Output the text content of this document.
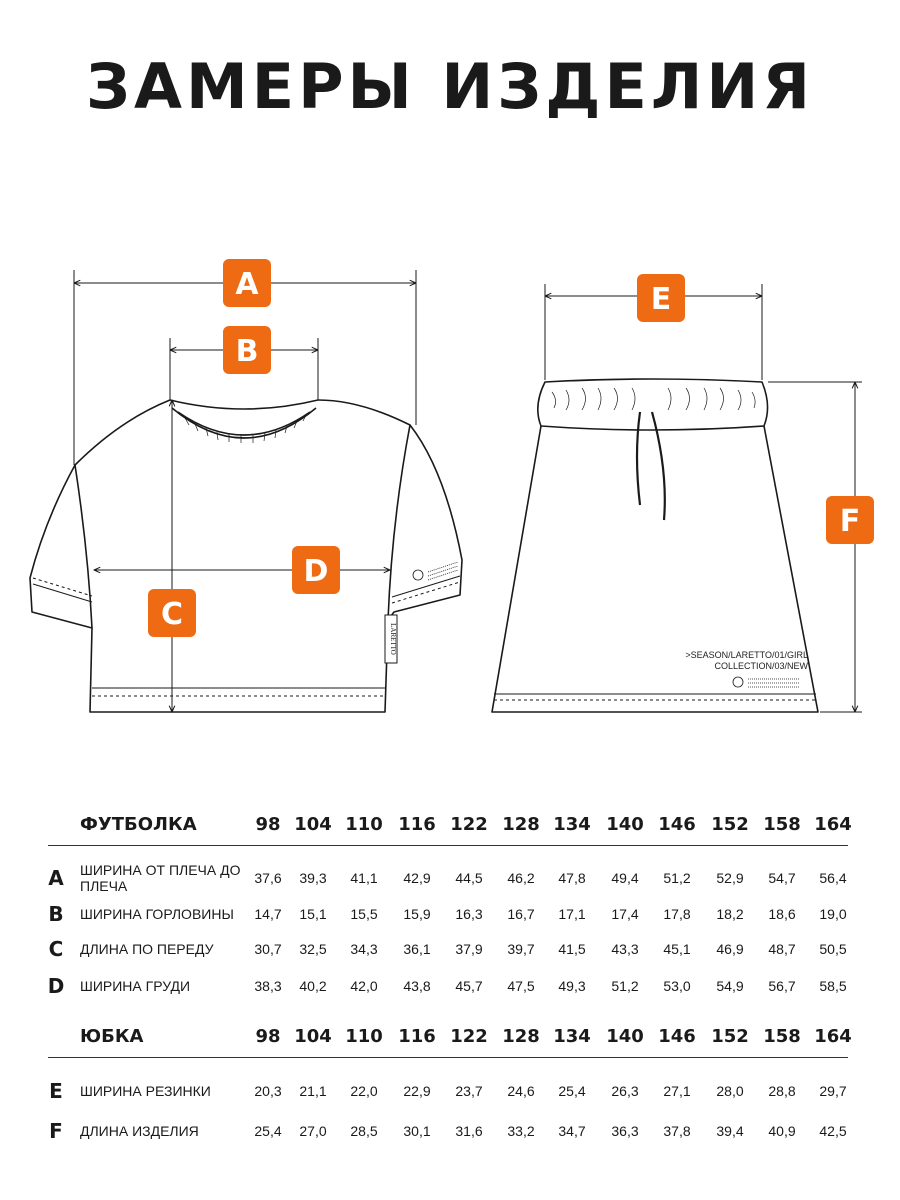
ЗАМЕРЫ ИЗДЕЛИЯ
LARETTO
>SEASON/LARETTO/01/GIRL
COLLECTION/03/NEW
A
B
C
D
E
F
ФУТБОЛКА	98 104 110 116 122 128 134 140 146 152 158 164
A	ШИРИНА ОТ ПЛЕЧА ДО ПЛЕЧА	37,6	39,3	41,1	42,9	44,5	46,2	47,8	49,4	51,2	52,9	54,7	56,4
B	ШИРИНА ГОРЛОВИНЫ	14,7	15,1	15,5	15,9	16,3	16,7	17,1	17,4	17,8	18,2	18,6	19,0
C	ДЛИНА ПО ПЕРЕДУ	30,7	32,5	34,3	36,1	37,9	39,7	41,5	43,3	45,1	46,9	48,7	50,5
D ШИРИНА ГРУДИ	38,3	40,2	42,0	43,8	45,7	47,5	49,3	51,2	53,0	54,9	56,7	58,5
ЮБКА	98 104 110 116 122 128 134 140 146 152 158 164
E	ШИРИНА РЕЗИНКИ	20,3	21,1	22,0	22,9	23,7	24,6	25,4	26,3	27,1	28,0	28,8	29,7
F	ДЛИНА ИЗДЕЛИЯ	25,4	27,0	28,5	30,1	31,6	33,2	34,7	36,3	37,8	39,4	40,9	42,5
